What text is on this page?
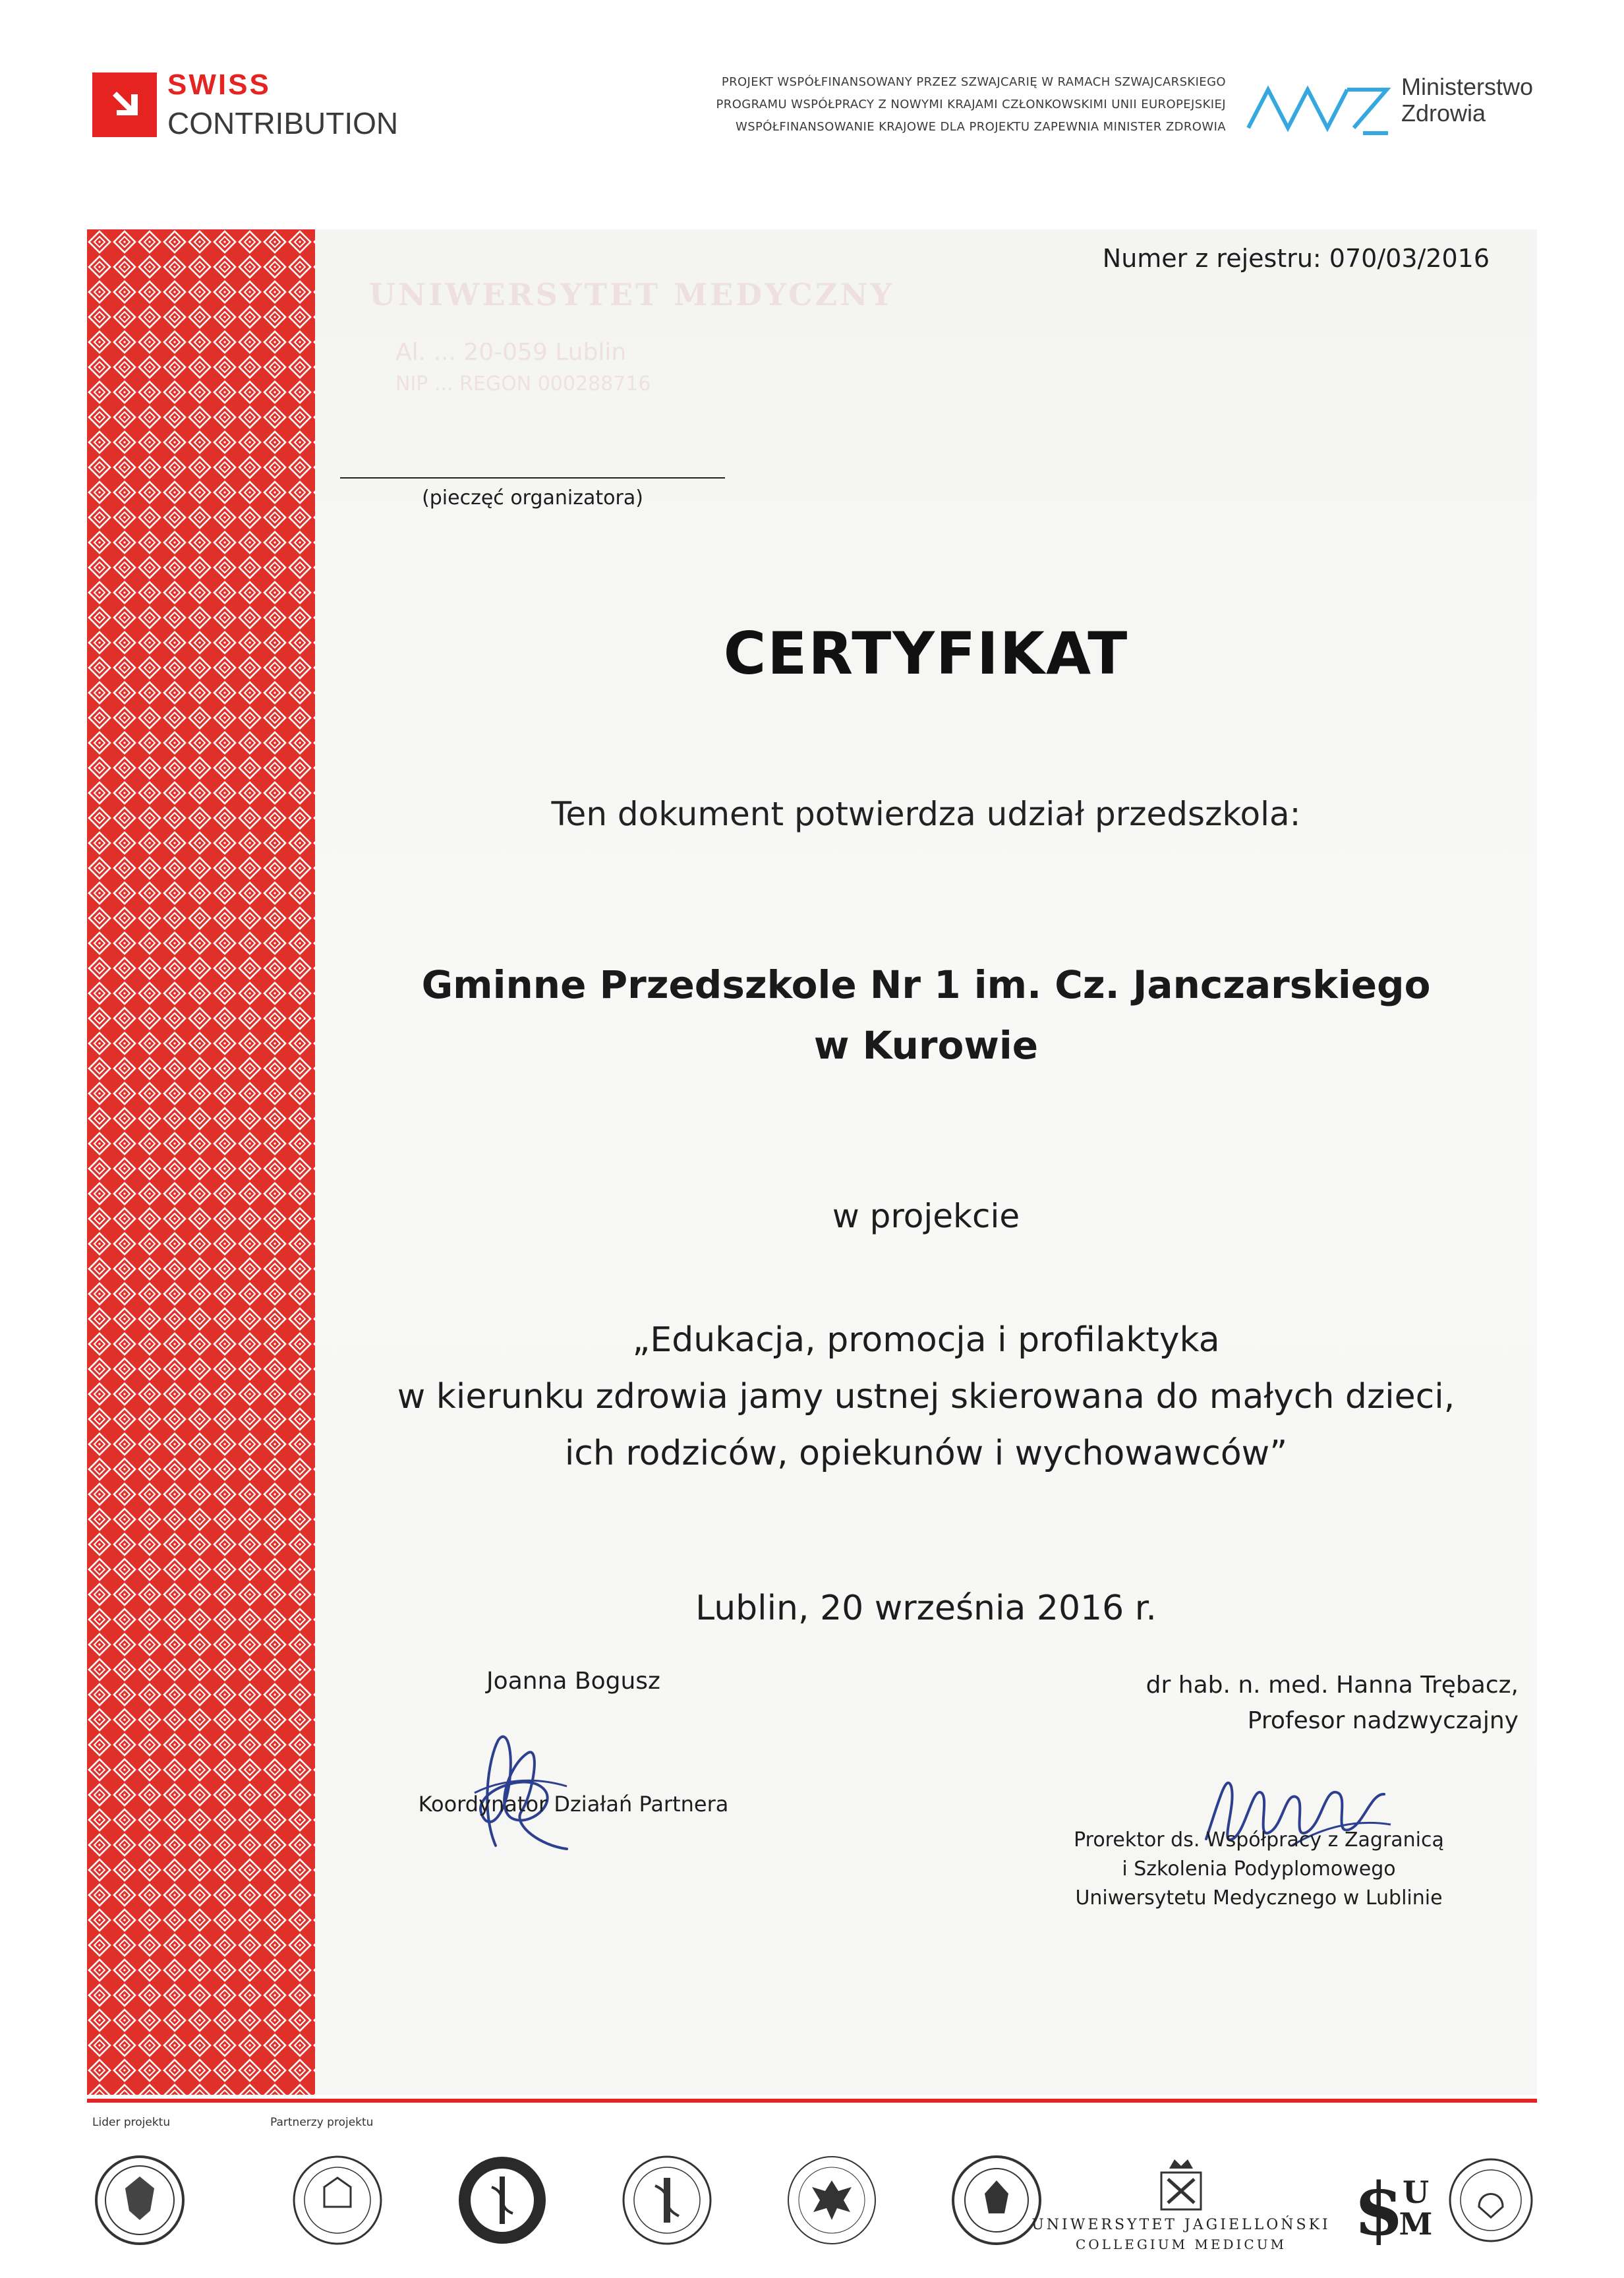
SWISS
CONTRIBUTION
PROJEKT WSPÓŁFINANSOWANY PRZEZ SZWAJCARIĘ W RAMACH SZWAJCARSKIEGO
PROGRAMU WSPÓŁPRACY Z NOWYMI KRAJAMI CZŁONKOWSKIMI UNII EUROPEJSKIEJ
WSPÓŁFINANSOWANIE KRAJOWE DLA PROJEKTU ZAPEWNIA MINISTER ZDROWIA
Ministerstwo
Zdrowia
Numer z rejestru: 070/03/2016
UNIWERSYTET MEDYCZNY
Al. ... 20-059 Lublin
NIP ... REGON 000288716
(pieczęć organizatora)
CERTYFIKAT
Ten dokument potwierdza udział przedszkola:
Gminne Przedszkole Nr 1 im. Cz. Janczarskiego
w Kurowie
w projekcie
„Edukacja, promocja i profilaktyka
w kierunku zdrowia jamy ustnej skierowana do małych dzieci,
ich rodziców, opiekunów i wychowawców”
Lublin, 20 września 2016 r.
Joanna Bogusz
Koordynator Działań Partnera
dr hab. n. med. Hanna Trębacz,
Profesor nadzwyczajny
Prorektor ds. Współpracy z Zagranicą
i Szkolenia Podyplomowego
Uniwersytetu Medycznego w Lublinie
Lider projektu	Partnerzy projektu
UNIWERSYTET JAGIELLOŃSKI
COLLEGIUM MEDICUM $
U
M
